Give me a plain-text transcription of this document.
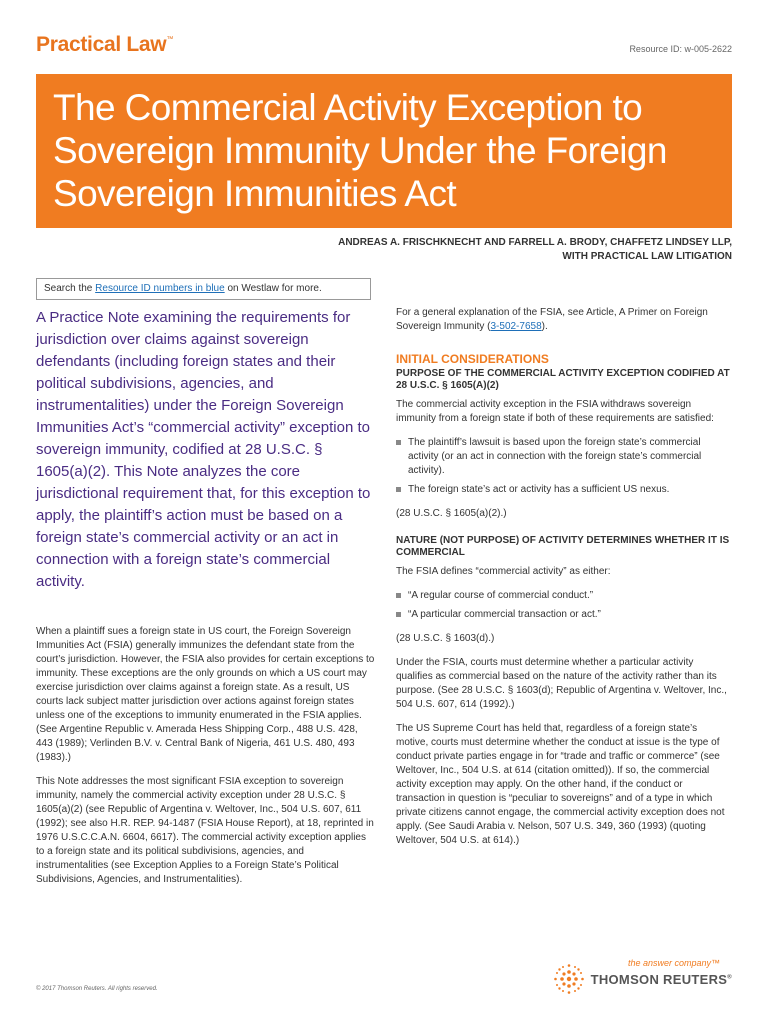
Practical Law™
Resource ID: w-005-2622
The Commercial Activity Exception to Sovereign Immunity Under the Foreign Sovereign Immunities Act
ANDREAS A. FRISCHKNECHT AND FARRELL A. BRODY, CHAFFETZ LINDSEY LLP,
WITH PRACTICAL LAW LITIGATION
Search the Resource ID numbers in blue on Westlaw for more.
A Practice Note examining the requirements for jurisdiction over claims against sovereign defendants (including foreign states and their political subdivisions, agencies, and instrumentalities) under the Foreign Sovereign Immunities Act’s “commercial activity” exception to sovereign immunity, codified at 28 U.S.C. § 1605(a)(2). This Note analyzes the core jurisdictional requirement that, for this exception to apply, the plaintiff’s action must be based on a foreign state’s commercial activity or an act in connection with a foreign state’s commercial activity.

When a plaintiff sues a foreign state in US court, the Foreign Sovereign Immunities Act (FSIA) generally immunizes the defendant state from the court’s jurisdiction. However, the FSIA also provides for certain exceptions to immunity. These exceptions are the only grounds on which a US court may exercise jurisdiction over claims against a foreign state. As a result, US courts lack subject matter jurisdiction over actions against foreign states unless one of the exceptions to immunity enumerated in the FSIA applies. (See Argentine Republic v. Amerada Hess Shipping Corp., 488 U.S. 428, 443 (1989); Verlinden B.V. v. Central Bank of Nigeria, 461 U.S. 480, 493 (1983).)

This Note addresses the most significant FSIA exception to sovereign immunity, namely the commercial activity exception under 28 U.S.C. § 1605(a)(2) (see Republic of Argentina v. Weltover, Inc., 504 U.S. 607, 611 (1992); see also H.R. REP. 94-1487 (FSIA House Report), at 18, reprinted in 1976 U.S.C.C.A.N. 6604, 6617). The commercial activity exception applies to a foreign state and its political subdivisions, agencies, and instrumentalities (see Exception Applies to a Foreign State’s Political Subdivisions, Agencies, and Instrumentalities).

For a general explanation of the FSIA, see Article, A Primer on Foreign Sovereign Immunity (3-502-7658).

INITIAL CONSIDERATIONS
PURPOSE OF THE COMMERCIAL ACTIVITY EXCEPTION CODIFIED AT 28 U.S.C. § 1605(A)(2)

The commercial activity exception in the FSIA withdraws sovereign immunity from a foreign state if both of these requirements are satisfied:

The plaintiff’s lawsuit is based upon the foreign state’s commercial activity (or an act in connection with the foreign state’s commercial activity).
The foreign state’s act or activity has a sufficient US nexus.

(28 U.S.C. § 1605(a)(2).)

NATURE (NOT PURPOSE) OF ACTIVITY DETERMINES WHETHER IT IS COMMERCIAL

The FSIA defines “commercial activity” as either:

“A regular course of commercial conduct.”
“A particular commercial transaction or act.”

(28 U.S.C. § 1603(d).)

Under the FSIA, courts must determine whether a particular activity qualifies as commercial based on the nature of the activity rather than its purpose. (See 28 U.S.C. § 1603(d); Republic of Argentina v. Weltover, Inc., 504 U.S. 607, 614 (1992).)

The US Supreme Court has held that, regardless of a foreign state’s motive, courts must determine whether the conduct at issue is the type of conduct private parties engage in for “trade and traffic or commerce” (see Weltover, Inc., 504 U.S. at 614 (citation omitted)). If so, the commercial activity exception may apply. On the other hand, if the conduct or transaction in question is “peculiar to sovereigns” and of a type in which private citizens cannot engage, the commercial activity exception does not apply. (See Saudi Arabia v. Nelson, 507 U.S. 349, 360 (1993) (quoting Weltover, 504 U.S. at 614).)

© 2017 Thomson Reuters. All rights reserved.
the answer company™
THOMSON REUTERS®
